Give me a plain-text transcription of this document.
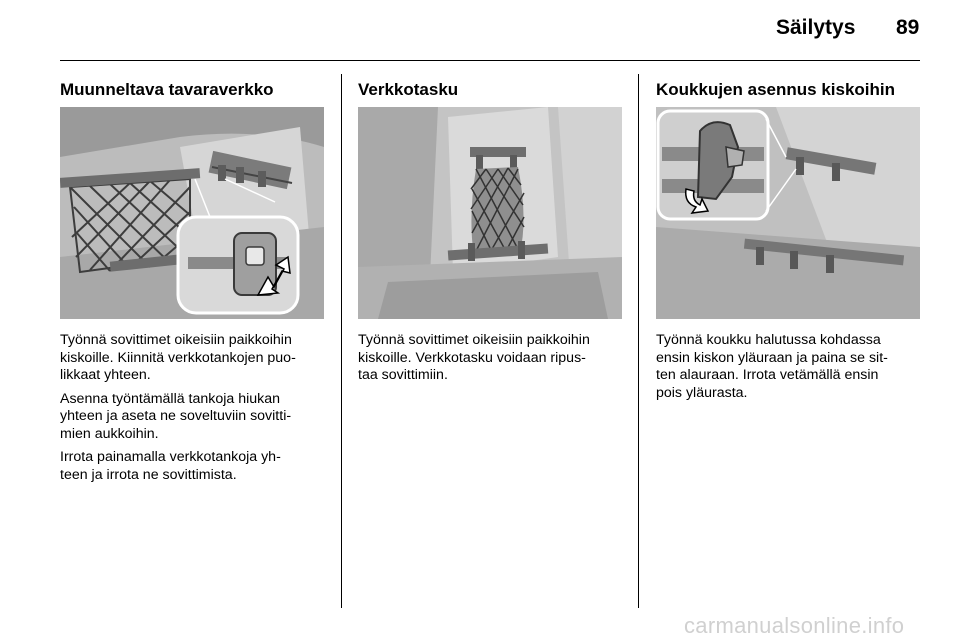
Säilytys 89
Muunneltava tavaraverkko

Työnnä sovittimet oikeisiin paikkoihin
kiskoille. Kiinnitä verkkotankojen puo-
likkaat yhteen.

Asenna työntämällä tankoja hiukan
yhteen ja aseta ne soveltuviin sovitti-
mien aukkoihin.

Irrota painamalla verkkotankoja yh-
teen ja irrota ne sovittimista.

Verkkotasku

Työnnä sovittimet oikeisiin paikkoihin
kiskoille. Verkkotasku voidaan ripus-
taa sovittimiin.

Koukkujen asennus kiskoihin

Työnnä koukku halutussa kohdassa
ensin kiskon yläuraan ja paina se sit-
ten alauraan. Irrota vetämällä ensin
pois yläurasta.

carmanualsonline.info
